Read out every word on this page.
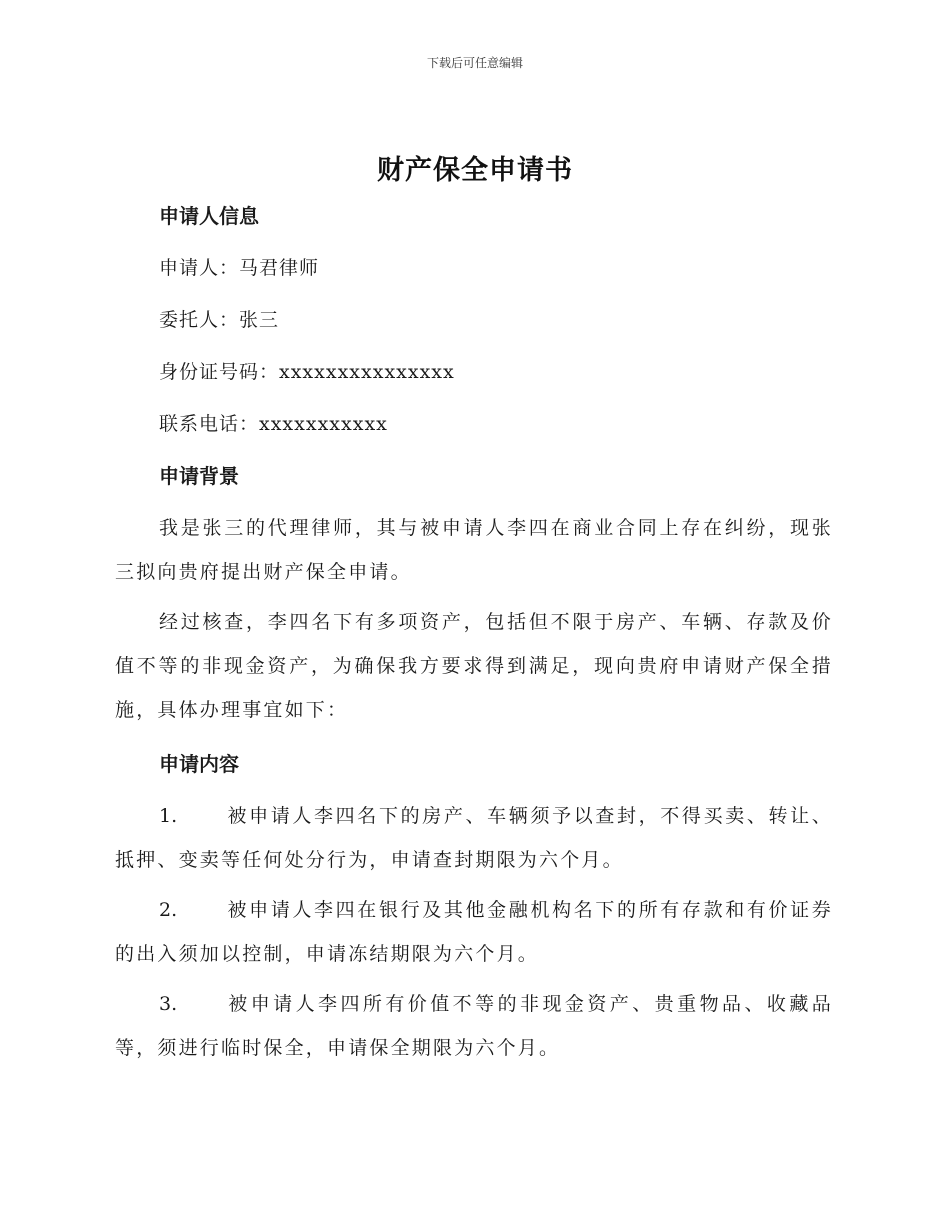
下载后可任意编辑
财产保全申请书
申请人信息
申请人：马君律师
委托人：张三
身份证号码：xxxxxxxxxxxxxxx
联系电话：xxxxxxxxxxx
申请背景
我是张三的代理律师，其与被申请人李四在商业合同上存在纠纷，现张三拟向贵府提出财产保全申请。
经过核查，李四名下有多项资产，包括但不限于房产、车辆、存款及价值不等的非现金资产，为确保我方要求得到满足，现向贵府申请财产保全措施，具体办理事宜如下：
申请内容
1.	被申请人李四名下的房产、车辆须予以查封，不得买卖、转让、抵押、变卖等任何处分行为，申请查封期限为六个月。
2.	被申请人李四在银行及其他金融机构名下的所有存款和有价证券的出入须加以控制，申请冻结期限为六个月。
3.	被申请人李四所有价值不等的非现金资产、贵重物品、收藏品等，须进行临时保全，申请保全期限为六个月。
